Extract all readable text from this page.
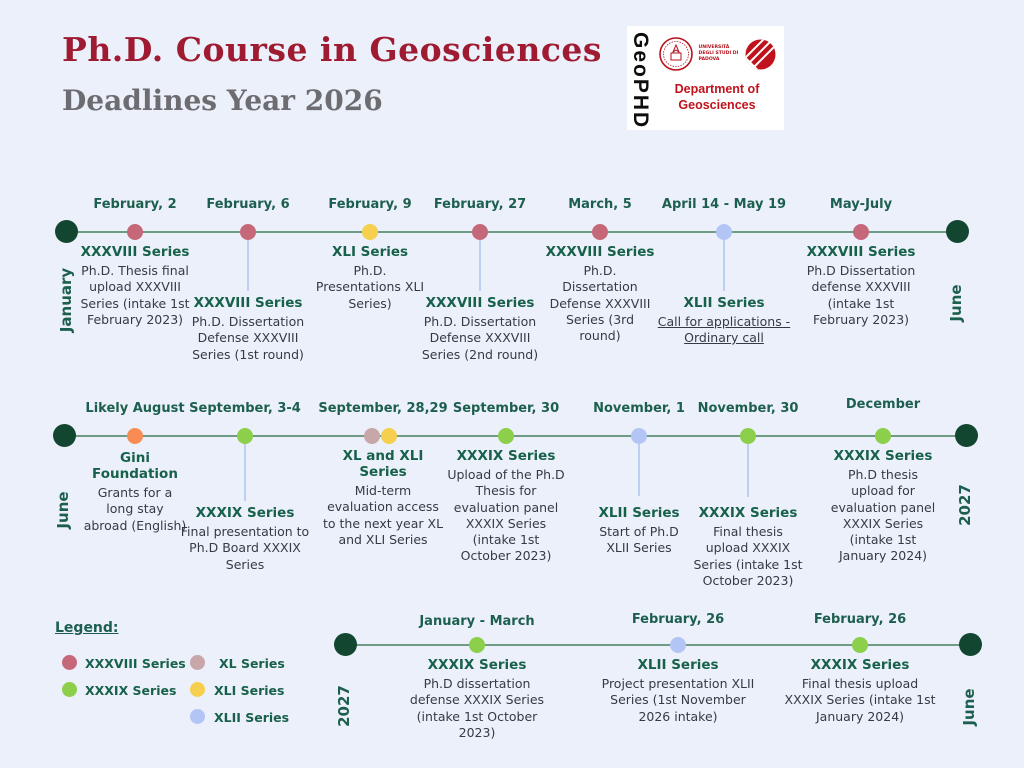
Ph.D. Course in Geosciences
Deadlines Year 2026	GeoPHD	UNIVERSITÀ DEGLI STUDI DI PADOVA
Department of Geosciences
January	June
February, 2
XXXVIII Series
Ph.D. Thesis final upload XXXVIII Series (intake 1st February 2023)
February, 6
XXXVIII Series
Ph.D. Dissertation Defense XXXVIII Series (1st round)
February, 9
XLI Series
Ph.D. Presentations XLI Series)
February, 27
XXXVIII Series
Ph.D. Dissertation Defense XXXVIII Series (2nd round)
March, 5
XXXVIII Series
Ph.D. Dissertation Defense XXXVIII Series (3rd round)
April 14 - May 19
XLII Series
Call for applications - Ordinary call
May-July
XXXVIII Series
Ph.D Dissertation defense XXXVIII (intake 1st February 2023)
June	2027
Likely August
Gini Foundation
Grants for a long stay abroad (English)
September, 3-4
XXXIX Series
Final presentation to Ph.D Board XXXIX Series
September, 28,29
XL and XLI Series
Mid-term evaluation access to the next year XL and XLI Series
September, 30
XXXIX Series
Upload of the Ph.D Thesis for evaluation panel XXXIX Series (intake 1st October 2023)
November, 1
XLII Series
Start of Ph.D XLII Series
November, 30
XXXIX Series
Final thesis upload XXXIX Series (intake 1st October 2023)
December
XXXIX Series
Ph.D thesis upload for evaluation panel XXXIX Series (intake 1st January 2024)
2027	June
January - March
XXXIX Series
Ph.D dissertation defense XXXIX Series (intake 1st October 2023)
February, 26
XLII Series
Project presentation XLII Series (1st November 2026 intake)
February, 26
XXXIX Series
Final thesis upload XXXIX Series (intake 1st January 2024)
Legend:
XXXVIII Series
XXXIX Series
XL Series
XLI Series
XLII Series
